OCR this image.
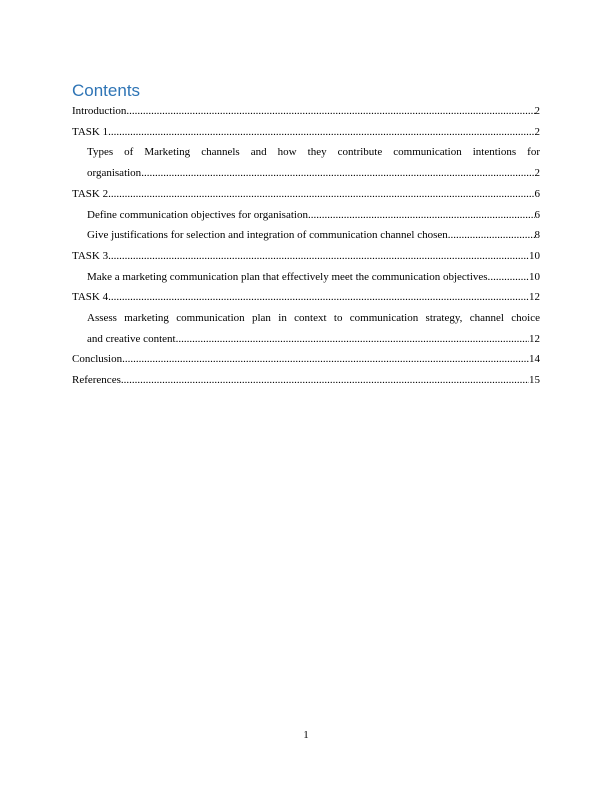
Contents
Introduction .....	2
TASK 1 .....	2
Types of Marketing channels and how they contribute communication intentions for
organisation .....	2
TASK 2 .....	6
Define communication objectives for organisation .....	6
Give justifications for selection and integration of communication channel chosen .....	8
TASK 3 .....	10
Make a marketing communication plan that effectively meet the communication objectives. .....	10
TASK 4 .....	12
Assess marketing communication plan in context to communication strategy, channel choice
and creative content .....	12
Conclusion .....	14
References .....	15
1
